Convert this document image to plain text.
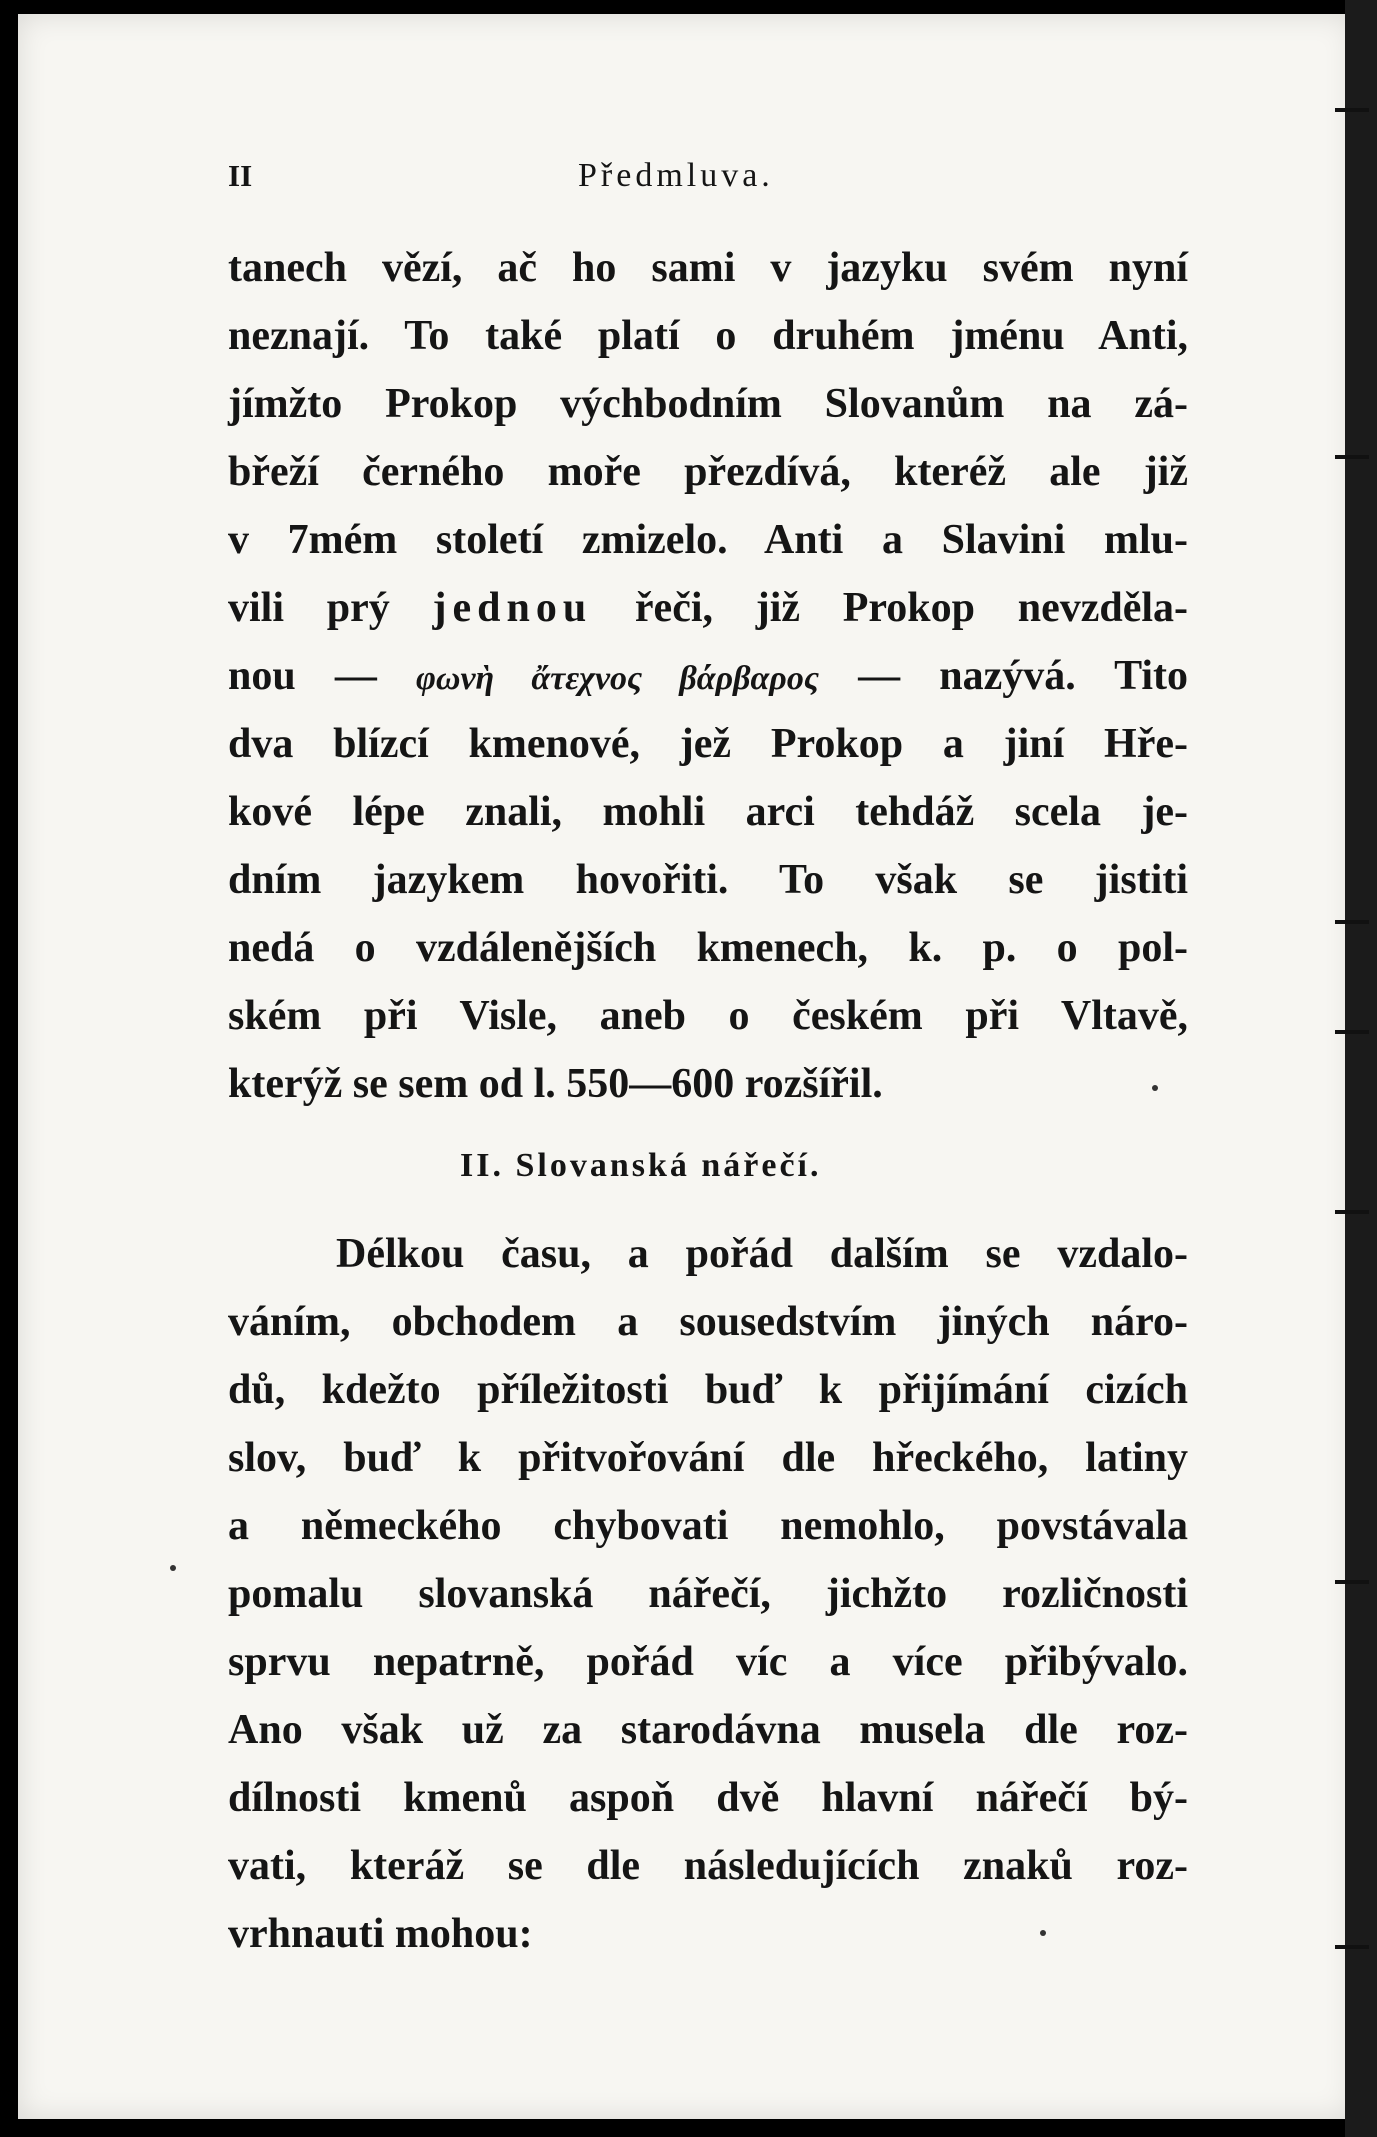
II	Předmluva.
tanech vězí, ač ho sami v jazyku svém nyní
neznají. To také platí o druhém jménu Anti,
jímžto Prokop výchbodním Slovanům na zá-
břeží černého moře přezdívá, kteréž ale již
v 7mém století zmizelo. Anti a Slavini mlu-
vili prý jednou řeči, již Prokop nevzděla-
nou — φωνὴ ἄτεχνος βάρβαρος — nazývá. Tito
dva blízcí kmenové, jež Prokop a jiní Hře-
kové lépe znali, mohli arci tehdáž scela je-
dním jazykem hovořiti. To však se jistiti
nedá o vzdálenějších kmenech, k. p. o pol-
ském při Visle, aneb o českém při Vltavě,
kterýž se sem od l. 550—600 rozšířil.
II. Slovanská nářečí.
Délkou času, a pořád dalším se vzdalo-
váním, obchodem a sousedstvím jiných náro-
dů, kdežto příležitosti buď k přijímání cizích
slov, buď k přitvořování dle hřeckého, latiny
a německého chybovati nemohlo, povstávala
pomalu slovanská nářečí, jichžto rozličnosti
sprvu nepatrně, pořád víc a více přibývalo.
Ano však už za starodávna musela dle roz-
dílnosti kmenů aspoň dvě hlavní nářečí bý-
vati, kteráž se dle následujících znaků roz-
vrhnauti mohou:
